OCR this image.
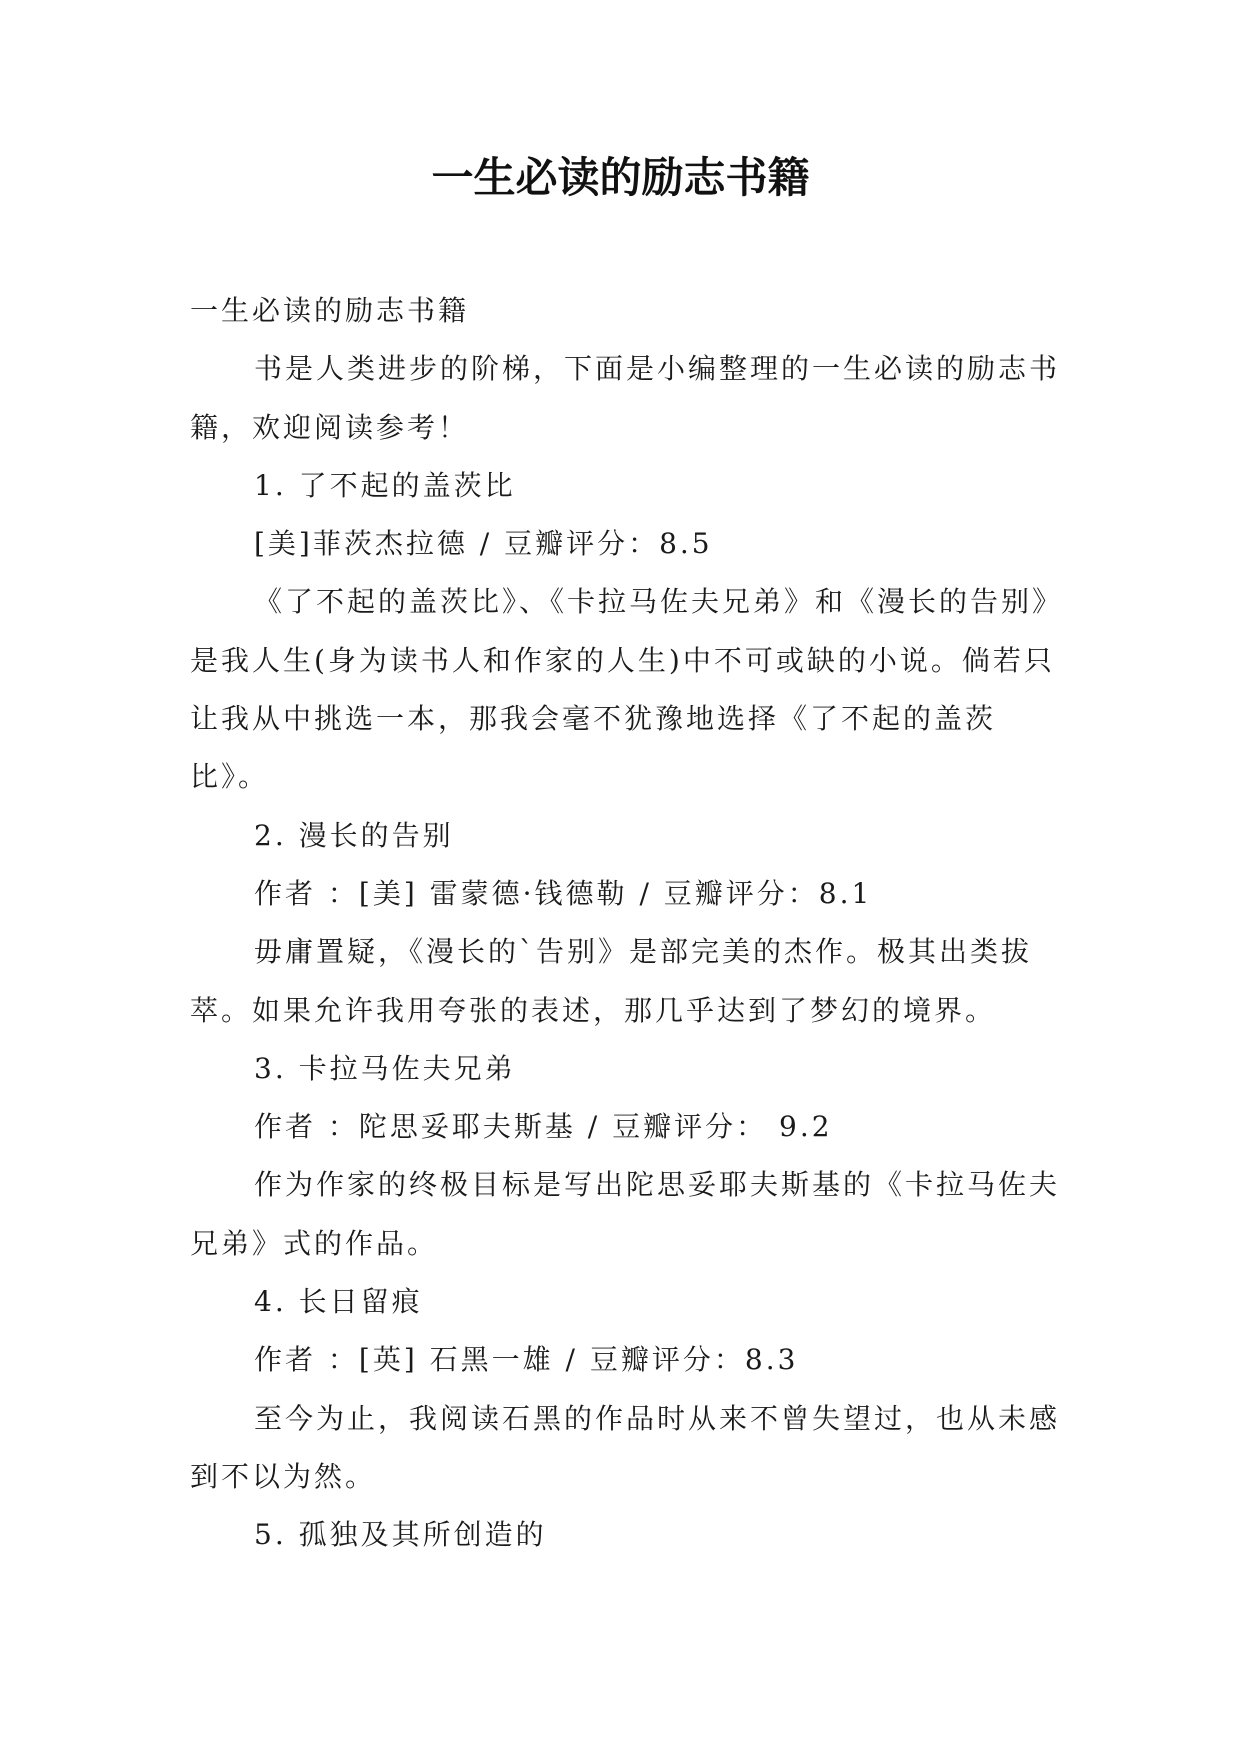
一生必读的励志书籍

一生必读的励志书籍

书是人类进步的阶梯，下面是小编整理的一生必读的励志书籍，欢迎阅读参考！

1. 了不起的盖茨比

[美]菲茨杰拉德 / 豆瓣评分：8.5

《了不起的盖茨比》、《卡拉马佐夫兄弟》和《漫长的告别》是我人生(身为读书人和作家的人生)中不可或缺的小说。倘若只让我从中挑选一本，那我会毫不犹豫地选择《了不起的盖茨比》。

2. 漫长的告别

作者 ：[美] 雷蒙德·钱德勒 / 豆瓣评分：8.1

毋庸置疑，《漫长的`告别》是部完美的杰作。极其出类拔萃。如果允许我用夸张的表述，那几乎达到了梦幻的境界。

3. 卡拉马佐夫兄弟

作者 ：陀思妥耶夫斯基 / 豆瓣评分： 9.2

作为作家的终极目标是写出陀思妥耶夫斯基的《卡拉马佐夫兄弟》式的作品。

4. 长日留痕

作者 ：[英] 石黑一雄 / 豆瓣评分：8.3

至今为止，我阅读石黑的作品时从来不曾失望过，也从未感到不以为然。

5. 孤独及其所创造的
